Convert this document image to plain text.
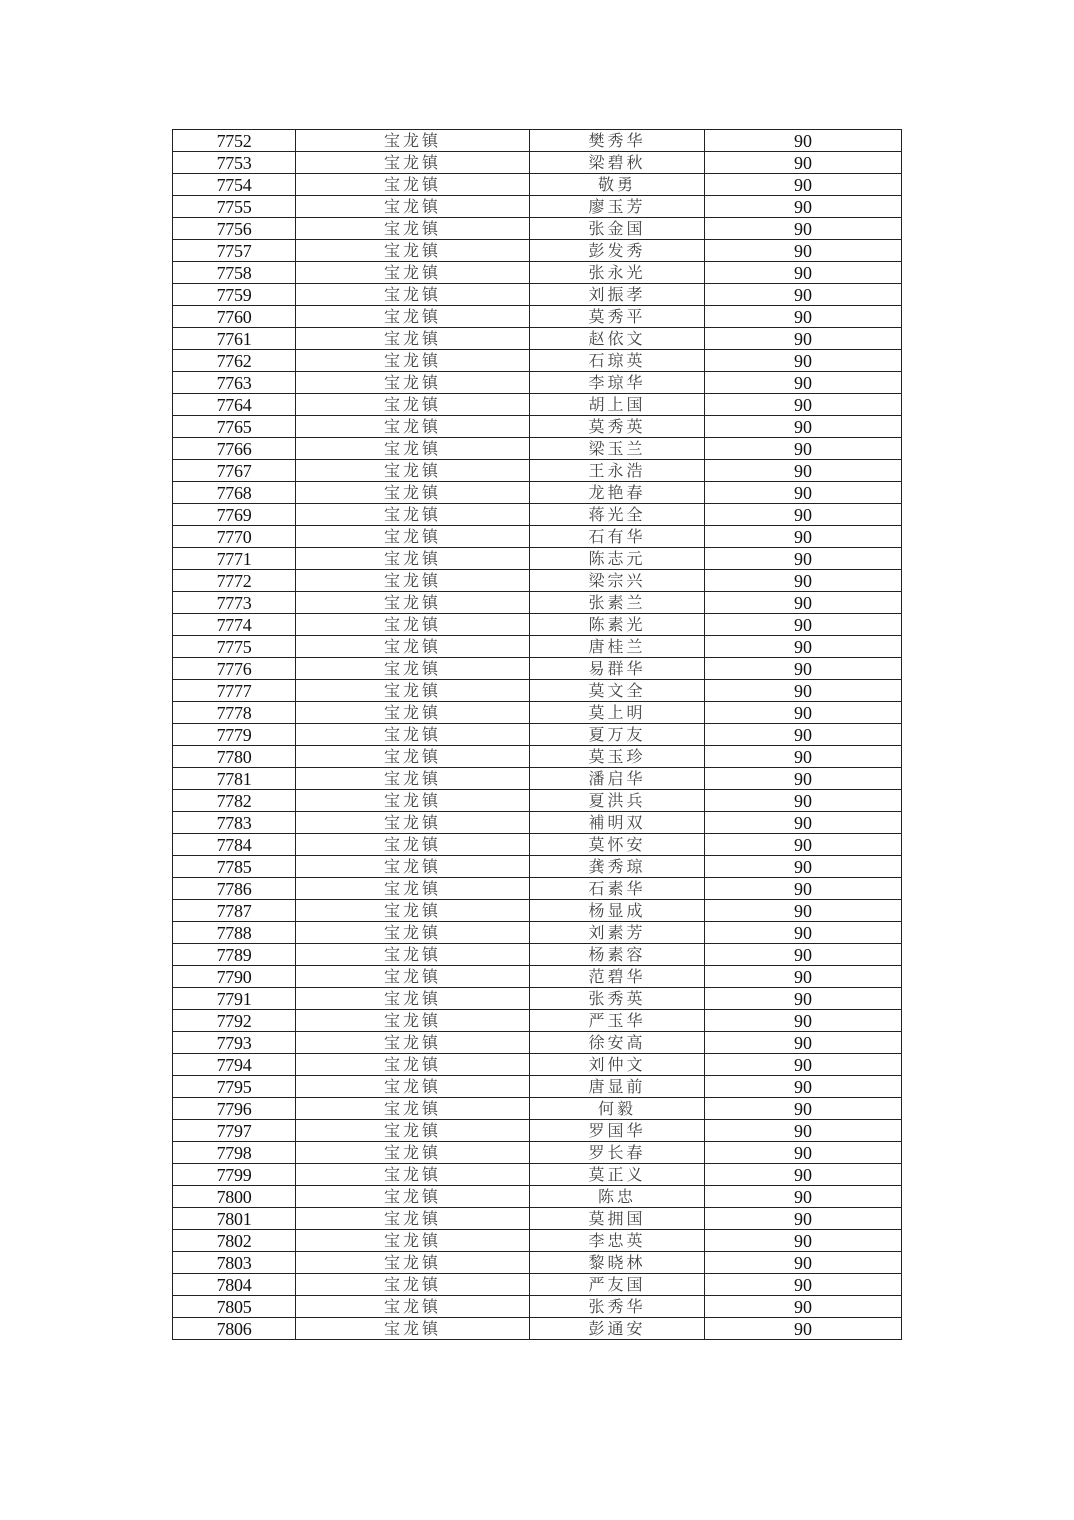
7752	宝龙镇	樊秀华	90
7753	宝龙镇	梁碧秋	90
7754	宝龙镇	敬勇	90
7755	宝龙镇	廖玉芳	90
7756	宝龙镇	张金国	90
7757	宝龙镇	彭发秀	90
7758	宝龙镇	张永光	90
7759	宝龙镇	刘振孝	90
7760	宝龙镇	莫秀平	90
7761	宝龙镇	赵依文	90
7762	宝龙镇	石琼英	90
7763	宝龙镇	李琼华	90
7764	宝龙镇	胡上国	90
7765	宝龙镇	莫秀英	90
7766	宝龙镇	梁玉兰	90
7767	宝龙镇	王永浩	90
7768	宝龙镇	龙艳春	90
7769	宝龙镇	蒋光全	90
7770	宝龙镇	石有华	90
7771	宝龙镇	陈志元	90
7772	宝龙镇	梁宗兴	90
7773	宝龙镇	张素兰	90
7774	宝龙镇	陈素光	90
7775	宝龙镇	唐桂兰	90
7776	宝龙镇	易群华	90
7777	宝龙镇	莫文全	90
7778	宝龙镇	莫上明	90
7779	宝龙镇	夏万友	90
7780	宝龙镇	莫玉珍	90
7781	宝龙镇	潘启华	90
7782	宝龙镇	夏洪兵	90
7783	宝龙镇	補明双	90
7784	宝龙镇	莫怀安	90
7785	宝龙镇	龚秀琼	90
7786	宝龙镇	石素华	90
7787	宝龙镇	杨显成	90
7788	宝龙镇	刘素芳	90
7789	宝龙镇	杨素容	90
7790	宝龙镇	范碧华	90
7791	宝龙镇	张秀英	90
7792	宝龙镇	严玉华	90
7793	宝龙镇	徐安高	90
7794	宝龙镇	刘仲文	90
7795	宝龙镇	唐显前	90
7796	宝龙镇	何毅	90
7797	宝龙镇	罗国华	90
7798	宝龙镇	罗长春	90
7799	宝龙镇	莫正义	90
7800	宝龙镇	陈忠	90
7801	宝龙镇	莫拥国	90
7802	宝龙镇	李忠英	90
7803	宝龙镇	黎晓林	90
7804	宝龙镇	严友国	90
7805	宝龙镇	张秀华	90
7806	宝龙镇	彭通安	90
